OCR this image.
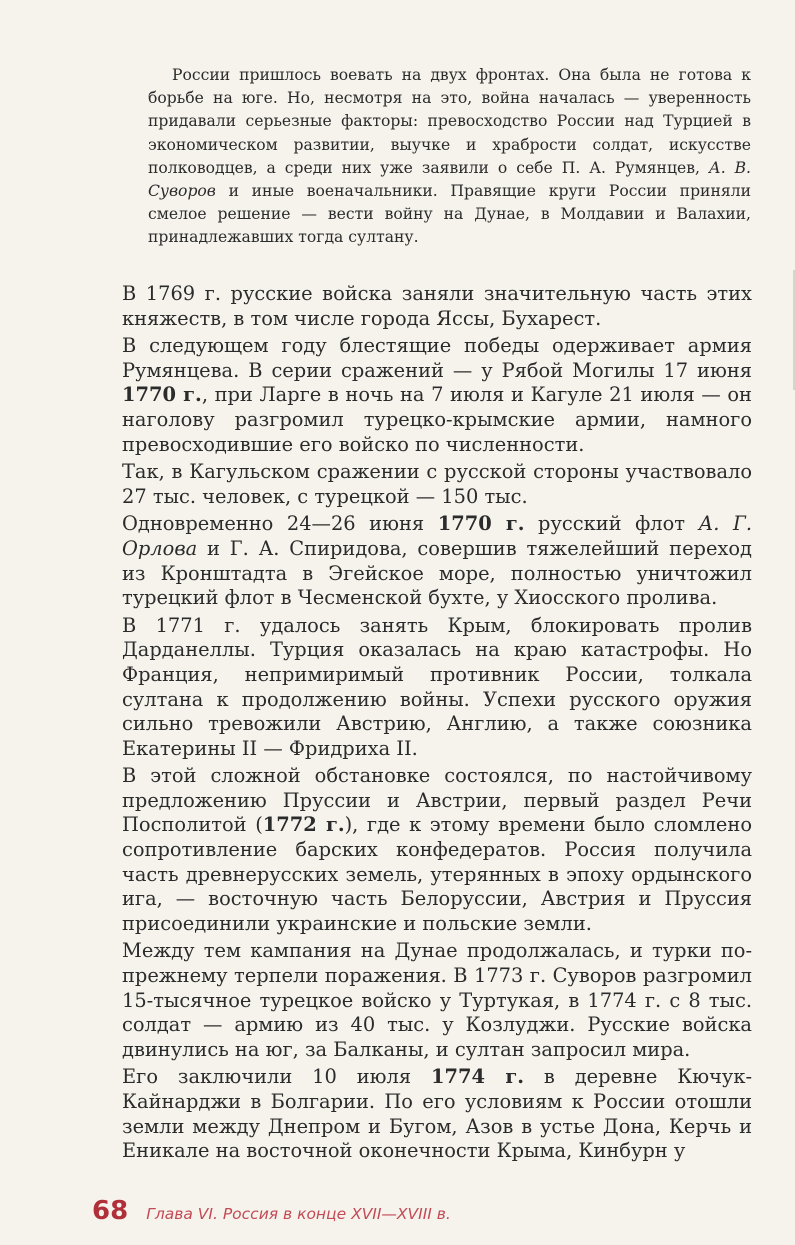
России пришлось воевать на двух фронтах. Она была не готова к борьбе на юге. Но, несмотря на это, война началась — уверенность придавали серьезные факторы: превосходство России над Турцией в экономическом развитии, выучке и храбрости солдат, искусстве полководцев, а среди них уже заявили о себе П. А. Румянцев, А. В. Суворов и иные военачальники. Правящие круги России приняли смелое решение — вести войну на Дунае, в Молдавии и Валахии, принадлежавших тогда султану.

В 1769 г. русские войска заняли значительную часть этих княжеств, в том числе города Яссы, Бухарест.

В следующем году блестящие победы одерживает армия Румянцева. В серии сражений — у Рябой Могилы 17 июня 1770 г., при Ларге в ночь на 7 июля и Кагуле 21 июля — он наголову разгромил турецко-крымские армии, намного превосходившие его войско по численности.

Так, в Кагульском сражении с русской стороны участвовало 27 тыс. человек, с турецкой — 150 тыс.

Одновременно 24—26 июня 1770 г. русский флот А. Г. Орлова и Г. А. Спиридова, совершив тяжелейший переход из Кронштадта в Эгейское море, полностью уничтожил турецкий флот в Чесменской бухте, у Хиосского пролива.

В 1771 г. удалось занять Крым, блокировать пролив Дарданеллы. Турция оказалась на краю катастрофы. Но Франция, непримиримый противник России, толкала султана к продолжению войны. Успехи русского оружия сильно тревожили Австрию, Англию, а также союзника Екатерины II — Фридриха II.

В этой сложной обстановке состоялся, по настойчивому предложению Пруссии и Австрии, первый раздел Речи Посполитой (1772 г.), где к этому времени было сломлено сопротивление барских конфедератов. Россия получила часть древнерусских земель, утерянных в эпоху ордынского ига, — восточную часть Белоруссии, Австрия и Пруссия присоединили украинские и польские земли.

Между тем кампания на Дунае продолжалась, и турки по-прежнему терпели поражения. В 1773 г. Суворов разгромил 15-тысячное турецкое войско у Туртукая, в 1774 г. с 8 тыс. солдат — армию из 40 тыс. у Козлуджи. Русские войска двинулись на юг, за Балканы, и султан запросил мира.

Его заключили 10 июля 1774 г. в деревне Кючук-Кайнарджи в Болгарии. По его условиям к России отошли земли между Днепром и Бугом, Азов в устье Дона, Керчь и Еникале на восточной оконечности Крыма, Кинбурн у

68 Глава VI. Россия в конце XVII—XVIII в.
